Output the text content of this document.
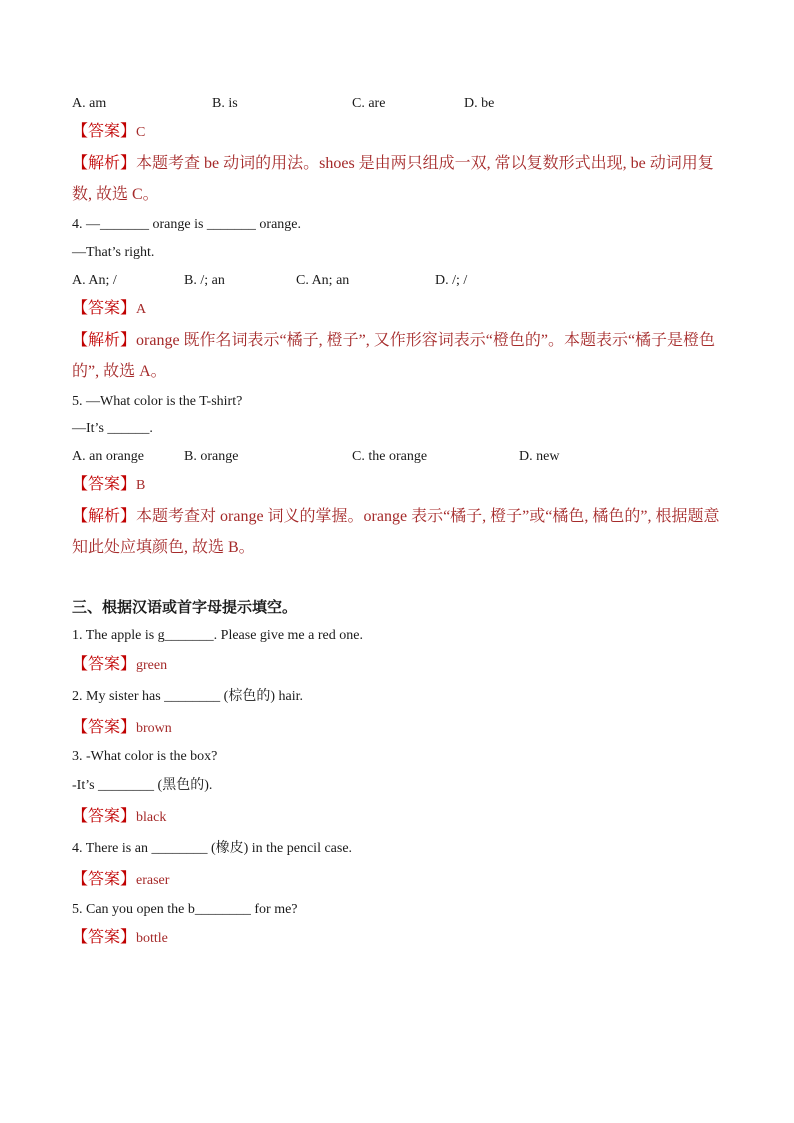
A. am	B. is	C. are	D. be
【答案】C
【解析】本题考查 be 动词的用法。shoes 是由两只组成一双, 常以复数形式出现, be 动词用复数, 故选 C。
4. —_______ orange is _______ orange.
—That’s right.
A. An; /	B. /; an	C. An; an	D. /; /
【答案】A
【解析】orange 既作名词表示“橘子, 橙子”, 又作形容词表示“橙色的”。本题表示“橘子是橙色的”, 故选 A。
5. —What color is the T-shirt?
—It’s ______.
A. an orange	B. orange	C. the orange	D. new
【答案】B
【解析】本题考查对 orange 词义的掌握。orange 表示“橘子, 橙子”或“橘色, 橘色的”, 根据题意知此处应填颜色, 故选 B。
三、根据汉语或首字母提示填空。
1. The apple is g_______. Please give me a red one.
【答案】green
2. My sister has ________ (棕色的) hair.
【答案】brown
3. -What color is the box?
-It’s ________ (黑色的).
【答案】black
4. There is an ________ (橡皮) in the pencil case.
【答案】eraser
5. Can you open the b________ for me?
【答案】bottle
